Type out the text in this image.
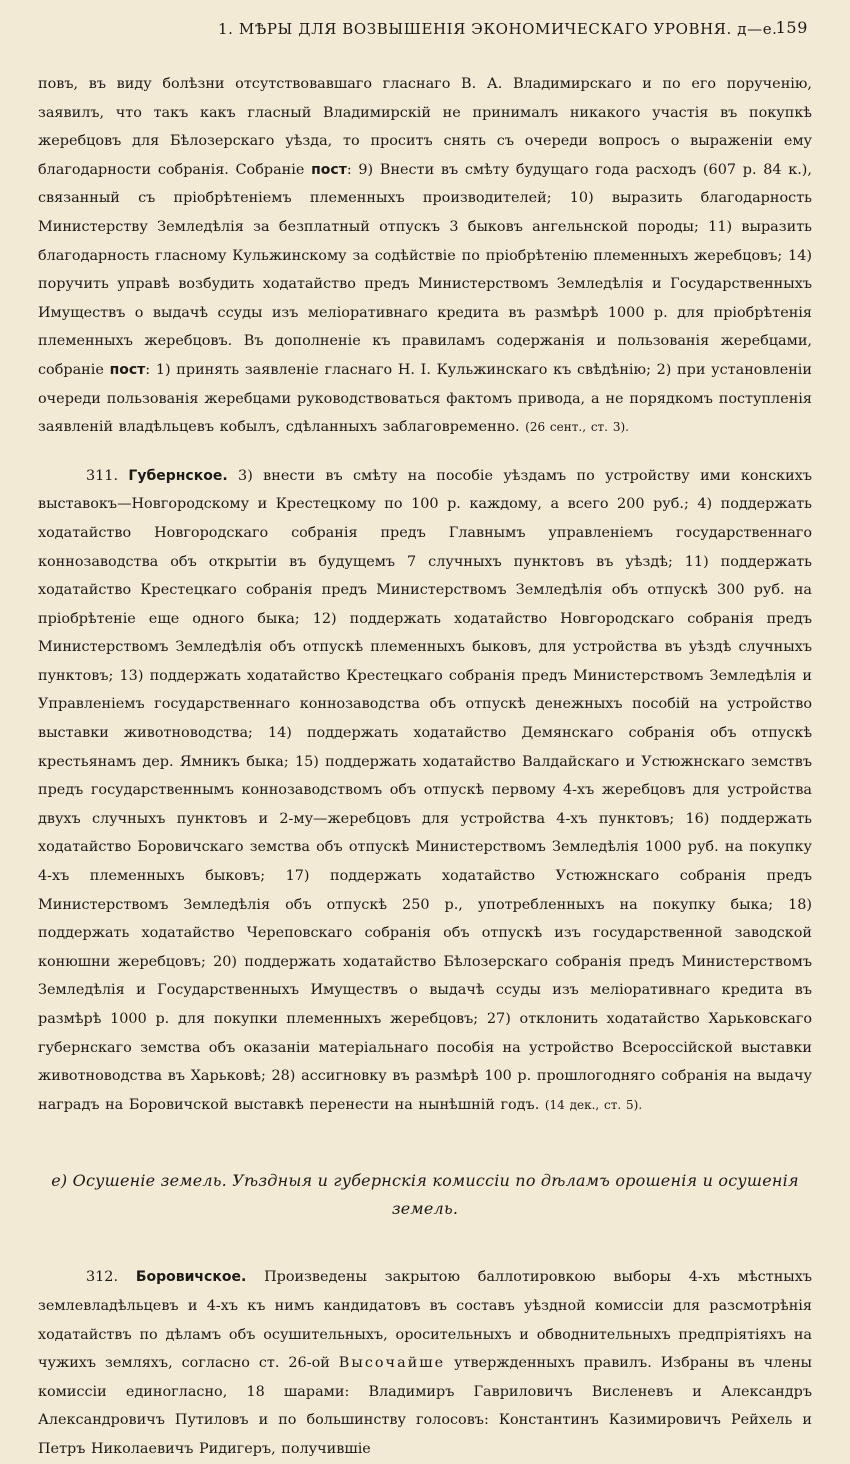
1. МѢРЫ ДЛЯ ВОЗВЫШЕНІЯ ЭКОНОМИЧЕСКАГО УРОВНЯ. д—е.
159

повъ, въ виду болѣзни отсутствовавшаго гласнаго В. А. Владимирскаго и по его порученію, заявилъ, что такъ какъ гласный Владимирскій не принималъ никакого участія въ покупкѣ жеребцовъ для Бѣлозерскаго уѣзда, то проситъ снять съ очереди вопросъ о выраженіи ему благодарности собранія. Собраніе пост: 9) Внести въ смѣту будущаго года расходъ (607 р. 84 к.), связанный съ пріобрѣтеніемъ племенныхъ производителей; 10) выразить благодарность Министерству Земледѣлія за безплатный отпускъ 3 быковъ ангельнской породы; 11) выразить благодарность гласному Кульжинскому за содѣйствіе по пріобрѣтенію племенныхъ жеребцовъ; 14) поручить управѣ возбудить ходатайство предъ Министерствомъ Земледѣлія и Государственныхъ Имуществъ о выдачѣ ссуды изъ меліоративнаго кредита въ размѣрѣ 1000 р. для пріобрѣтенія племенныхъ жеребцовъ. Въ дополненіе къ правиламъ содержанія и пользованія жеребцами, собраніе пост: 1) принять заявленіе гласнаго Н. І. Кульжинскаго къ свѣдѣнію; 2) при установленіи очереди пользованія жеребцами руководствоваться фактомъ привода, а не порядкомъ поступленія заявленій владѣльцевъ кобылъ, сдѣланныхъ заблаговременно. (26 сент., ст. 3).

311. Губернское. 3) внести въ смѣту на пособіе уѣздамъ по устройству ими конскихъ выставокъ—Новгородскому и Крестецкому по 100 р. каждому, а всего 200 руб.; 4) поддержать ходатайство Новгородскаго собранія предъ Главнымъ управленіемъ государственнаго коннозаводства объ открытіи въ будущемъ 7 случныхъ пунктовъ въ уѣздѣ; 11) поддержать ходатайство Крестецкаго собранія предъ Министерствомъ Земледѣлія объ отпускѣ 300 руб. на пріобрѣтеніе еще одного быка; 12) поддержать ходатайство Новгородскаго собранія предъ Министерствомъ Земледѣлія объ отпускѣ племенныхъ быковъ, для устройства въ уѣздѣ случныхъ пунктовъ; 13) поддержать ходатайство Крестецкаго собранія предъ Министерствомъ Земледѣлія и Управленіемъ государственнаго коннозаводства объ отпускѣ денежныхъ пособій на устройство выставки животноводства; 14) поддержать ходатайство Демянскаго собранія объ отпускѣ крестьянамъ дер. Ямникъ быка; 15) поддержать ходатайство Валдайскаго и Устюжнскаго земствъ предъ государственнымъ коннозаводствомъ объ отпускѣ первому 4-хъ жеребцовъ для устройства двухъ случныхъ пунктовъ и 2-му—жеребцовъ для устройства 4-хъ пунктовъ; 16) поддержать ходатайство Боровичскаго земства объ отпускѣ Министерствомъ Земледѣлія 1000 руб. на покупку 4-хъ племенныхъ быковъ; 17) поддержать ходатайство Устюжнскаго собранія предъ Министерствомъ Земледѣлія объ отпускѣ 250 р., употребленныхъ на покупку быка; 18) поддержать ходатайство Череповскаго собранія объ отпускѣ изъ государственной заводской конюшни жеребцовъ; 20) поддержать ходатайство Бѣлозерскаго собранія предъ Министерствомъ Земледѣлія и Государственныхъ Имуществъ о выдачѣ ссуды изъ меліоративнаго кредита въ размѣрѣ 1000 р. для покупки племенныхъ жеребцовъ; 27) отклонить ходатайство Харьковскаго губернскаго земства объ оказаніи матеріальнаго пособія на устройство Всероссійской выставки животноводства въ Харьковѣ; 28) ассигновку въ размѣрѣ 100 р. прошлогодняго собранія на выдачу наградъ на Боровичской выставкѣ перенести на нынѣшній годъ. (14 дек., ст. 5).

е) Осушеніе земель. Уѣздныя и губернскія комиссіи по дѣламъ орошенія и осушенія земель.

312. Боровичское. Произведены закрытою баллотировкою выборы 4-хъ мѣстныхъ землевладѣльцевъ и 4-хъ къ нимъ кандидатовъ въ составъ уѣздной комиссіи для разсмотрѣнія ходатайствъ по дѣламъ объ осушительныхъ, оросительныхъ и обводнительныхъ предпріятіяхъ на чужихъ земляхъ, согласно ст. 26-ой Высочайше утвержденныхъ правилъ. Избраны въ члены комиссіи единогласно, 18 шарами: Владимиръ Гавриловичъ Висленевъ и Александръ Александровичъ Путиловъ и по большинству голосовъ: Константинъ Казимировичъ Рейхель и Петръ Николаевичъ Ридигеръ, получившіе
